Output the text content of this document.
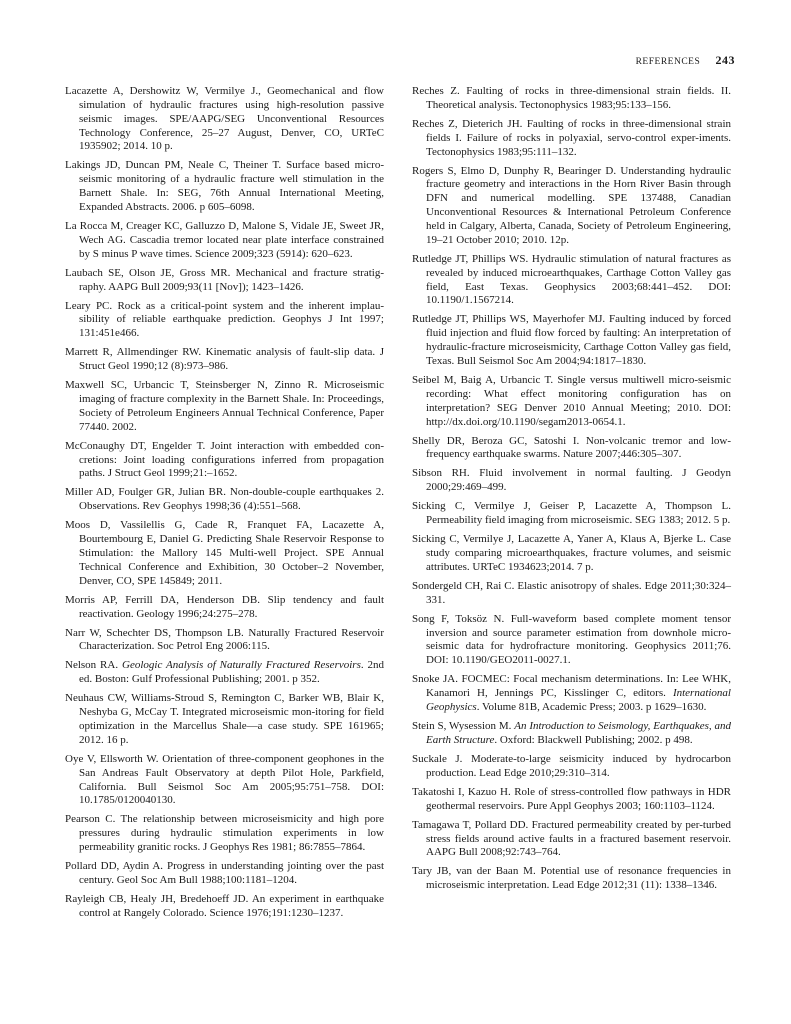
REFERENCES 243

Lacazette A, Dershowitz W, Vermilye J., Geomechanical and flow simulation of hydraulic fractures using high-resolution passive seismic images. SPE/AAPG/SEG Unconventional Resources Technology Conference, 25–27 August, Denver, CO, URTeC 1935902; 2014. 10 p.

Lakings JD, Duncan PM, Neale C, Theiner T. Surface based micro-seismic monitoring of a hydraulic fracture well stimulation in the Barnett Shale. In: SEG, 76th Annual International Meeting, Expanded Abstracts. 2006. p 605–6098.

La Rocca M, Creager KC, Galluzzo D, Malone S, Vidale JE, Sweet JR, Wech AG. Cascadia tremor located near plate interface constrained by S minus P wave times. Science 2009;323 (5914): 620–623.

Laubach SE, Olson JE, Gross MR. Mechanical and fracture stratig-raphy. AAPG Bull 2009;93(11 [Nov]); 1423–1426.

Leary PC. Rock as a critical-point system and the inherent implau-sibility of reliable earthquake prediction. Geophys J Int 1997; 131:451e466.

Marrett R, Allmendinger RW. Kinematic analysis of fault-slip data. J Struct Geol 1990;12 (8):973–986.

Maxwell SC, Urbancic T, Steinsberger N, Zinno R. Microseismic imaging of fracture complexity in the Barnett Shale. In: Proceedings, Society of Petroleum Engineers Annual Technical Conference, Paper 77440. 2002.

McConaughy DT, Engelder T. Joint interaction with embedded con-cretions: Joint loading configurations inferred from propagation paths. J Struct Geol 1999;21:–1652.

Miller AD, Foulger GR, Julian BR. Non-double-couple earthquakes 2. Observations. Rev Geophys 1998;36 (4):551–568.

Moos D, Vassilellis G, Cade R, Franquet FA, Lacazette A, Bourtembourg E, Daniel G. Predicting Shale Reservoir Response to Stimulation: the Mallory 145 Multi-well Project. SPE Annual Technical Conference and Exhibition, 30 October–2 November, Denver, CO, SPE 145849; 2011.

Morris AP, Ferrill DA, Henderson DB. Slip tendency and fault reactivation. Geology 1996;24:275–278.

Narr W, Schechter DS, Thompson LB. Naturally Fractured Reservoir Characterization. Soc Petrol Eng 2006:115.

Nelson RA. Geologic Analysis of Naturally Fractured Reservoirs. 2nd ed. Boston: Gulf Professional Publishing; 2001. p 352.

Neuhaus CW, Williams-Stroud S, Remington C, Barker WB, Blair K, Neshyba G, McCay T. Integrated microseismic mon-itoring for field optimization in the Marcellus Shale—a case study. SPE 161965; 2012. 16 p.

Oye V, Ellsworth W. Orientation of three-component geophones in the San Andreas Fault Observatory at depth Pilot Hole, Parkfield, California. Bull Seismol Soc Am 2005;95:751–758. DOI: 10.1785/0120040130.

Pearson C. The relationship between microseismicity and high pore pressures during hydraulic stimulation experiments in low permeability granitic rocks. J Geophys Res 1981; 86:7855–7864.

Pollard DD, Aydin A. Progress in understanding jointing over the past century. Geol Soc Am Bull 1988;100:1181–1204.

Rayleigh CB, Healy JH, Bredehoeff JD. An experiment in earthquake control at Rangely Colorado. Science 1976;191:1230–1237.

Reches Z. Faulting of rocks in three-dimensional strain fields. II. Theoretical analysis. Tectonophysics 1983;95:133–156.

Reches Z, Dieterich JH. Faulting of rocks in three-dimensional strain fields I. Failure of rocks in polyaxial, servo-control exper-iments. Tectonophysics 1983;95:111–132.

Rogers S, Elmo D, Dunphy R, Bearinger D. Understanding hydraulic fracture geometry and interactions in the Horn River Basin through DFN and numerical modelling. SPE 137488, Canadian Unconventional Resources & International Petroleum Conference held in Calgary, Alberta, Canada, Society of Petroleum Engineering, 19–21 October 2010; 2010. 12p.

Rutledge JT, Phillips WS. Hydraulic stimulation of natural fractures as revealed by induced microearthquakes, Carthage Cotton Valley gas field, East Texas. Geophysics 2003;68:441–452. DOI: 10.1190/1.1567214.

Rutledge JT, Phillips WS, Mayerhofer MJ. Faulting induced by forced fluid injection and fluid flow forced by faulting: An interpretation of hydraulic-fracture microseismicity, Carthage Cotton Valley gas field, Texas. Bull Seismol Soc Am 2004;94:1817–1830.

Seibel M, Baig A, Urbancic T. Single versus multiwell micro-seismic recording: What effect monitoring configuration has on interpretation? SEG Denver 2010 Annual Meeting; 2010. DOI: http://dx.doi.org/10.1190/segam2013-0654.1.

Shelly DR, Beroza GC, Satoshi I. Non-volcanic tremor and low-frequency earthquake swarms. Nature 2007;446:305–307.

Sibson RH. Fluid involvement in normal faulting. J Geodyn 2000;29:469–499.

Sicking C, Vermilye J, Geiser P, Lacazette A, Thompson L. Permeability field imaging from microseismic. SEG 1383; 2012. 5 p.

Sicking C, Vermilye J, Lacazette A, Yaner A, Klaus A, Bjerke L. Case study comparing microearthquakes, fracture volumes, and seismic attributes. URTeC 1934623;2014. 7 p.

Sondergeld CH, Rai C. Elastic anisotropy of shales. Edge 2011;30:324–331.

Song F, Toksöz N. Full-waveform based complete moment tensor inversion and source parameter estimation from downhole micro-seismic data for hydrofracture monitoring. Geophysics 2011;76. DOI: 10.1190/GEO2011-0027.1.

Snoke JA. FOCMEC: Focal mechanism determinations. In: Lee WHK, Kanamori H, Jennings PC, Kisslinger C, editors. International Geophysics. Volume 81B, Academic Press; 2003. p 1629–1630.

Stein S, Wysession M. An Introduction to Seismology, Earthquakes, and Earth Structure. Oxford: Blackwell Publishing; 2002. p 498.

Suckale J. Moderate-to-large seismicity induced by hydrocarbon production. Lead Edge 2010;29:310–314.

Takatoshi I, Kazuo H. Role of stress-controlled flow pathways in HDR geothermal reservoirs. Pure Appl Geophys 2003; 160:1103–1124.

Tamagawa T, Pollard DD. Fractured permeability created by per-turbed stress fields around active faults in a fractured basement reservoir. AAPG Bull 2008;92:743–764.

Tary JB, van der Baan M. Potential use of resonance frequencies in microseismic interpretation. Lead Edge 2012;31 (11): 1338–1346.
